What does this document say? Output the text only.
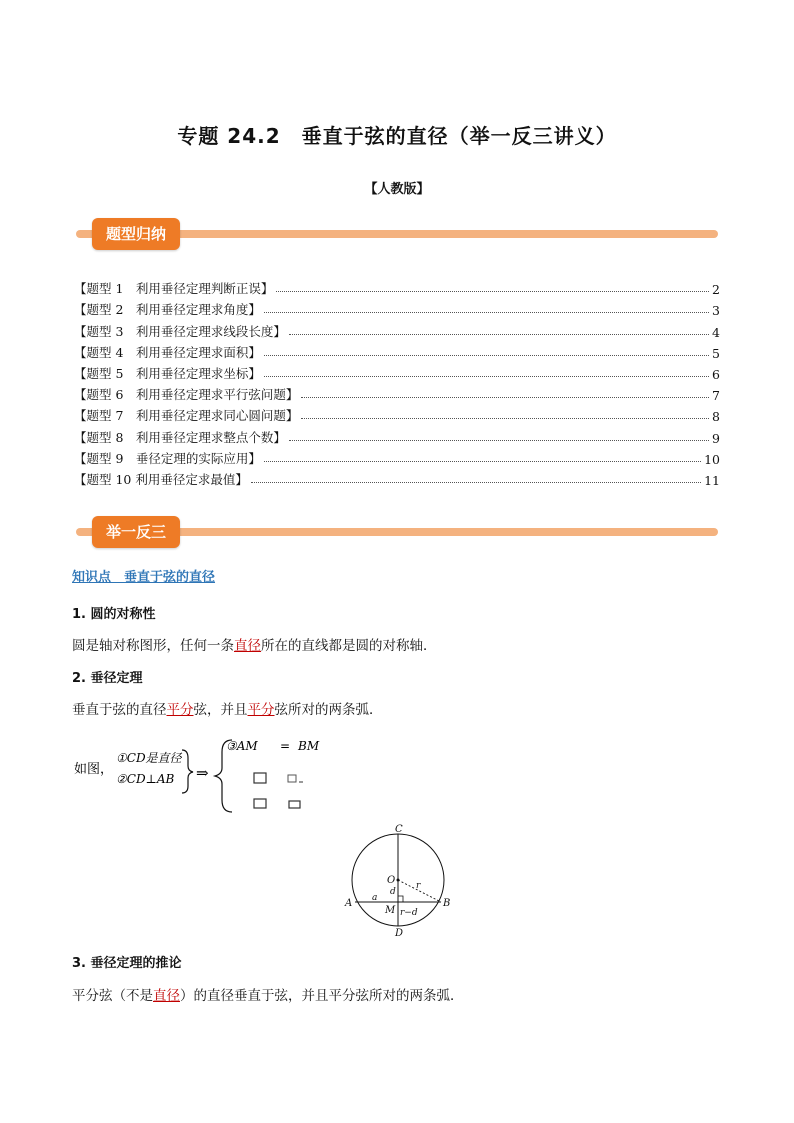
专题 24.2　垂直于弦的直径（举一反三讲义）
【人教版】
题型归纳
【题型 1　利用垂径定理判断正误】	2
【题型 2　利用垂径定理求角度】	3
【题型 3　利用垂径定理求线段长度】	4
【题型 4　利用垂径定理求面积】	5
【题型 5　利用垂径定理求坐标】	6
【题型 6　利用垂径定理求平行弦问题】	7
【题型 7　利用垂径定理求同心圆问题】	8
【题型 8　利用垂径定理求整点个数】	9
【题型 9　垂径定理的实际应用】	10
【题型 10 利用垂径定求最值】	11
举一反三
知识点　垂直于弦的直径
1. 圆的对称性
圆是轴对称图形，任何一条直径所在的直线都是圆的对称轴．
2. 垂径定理
垂直于弦的直径平分弦，并且平分弦所对的两条弧．
如图，
①CD是直径
②CD⊥AB ⇒
③AM = BM
C
D
A	B
O
M
a
d
r
r−d
3. 垂径定理的推论
平分弦（不是直径）的直径垂直于弦，并且平分弦所对的两条弧．
